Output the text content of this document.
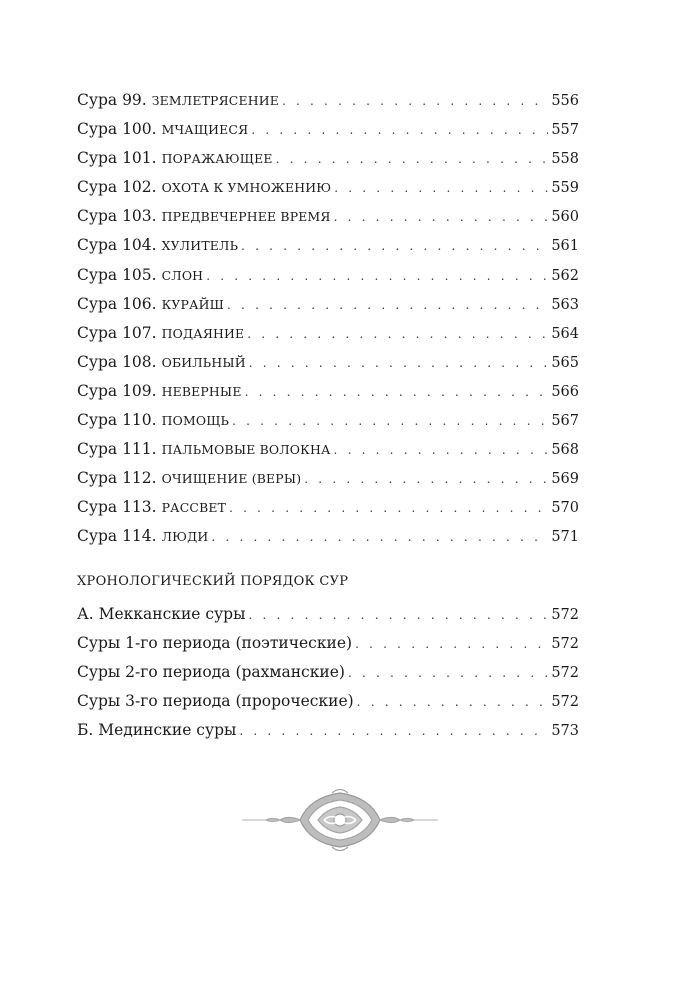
Сура 99. ЗЕМЛЕТРЯСЕНИЕ . . .	556
Сура 100. МЧАЩИЕСЯ . . .	557
Сура 101. ПОРАЖАЮЩЕЕ . . .	558
Сура 102. ОХОТА К УМНОЖЕНИЮ . . .	559
Сура 103. ПРЕДВЕЧЕРНЕЕ ВРЕМЯ . . .	560
Сура 104. ХУЛИТЕЛЬ . . .	561
Сура 105. СЛОН . . .	562
Сура 106. КУРАЙШ . . .	563
Сура 107. ПОДАЯНИЕ . . .	564
Сура 108. ОБИЛЬНЫЙ . . .	565
Сура 109. НЕВЕРНЫЕ . . .	566
Сура 110. ПОМОЩЬ . . .	567
Сура 111. ПАЛЬМОВЫЕ ВОЛОКНА . . .	568
Сура 112. ОЧИЩЕНИЕ (ВЕРЫ) . . .	569
Сура 113. РАССВЕТ . . .	570
Сура 114. ЛЮДИ . . .	571
ХРОНОЛОГИЧЕСКИЙ ПОРЯДОК СУР
А. Мекканские суры . . .	572
Суры 1-го периода (поэтические) . . .	572
Суры 2-го периода (рахманские) . . .	572
Суры 3-го периода (пророческие) . . .	572
Б. Мединские суры . . .	573
